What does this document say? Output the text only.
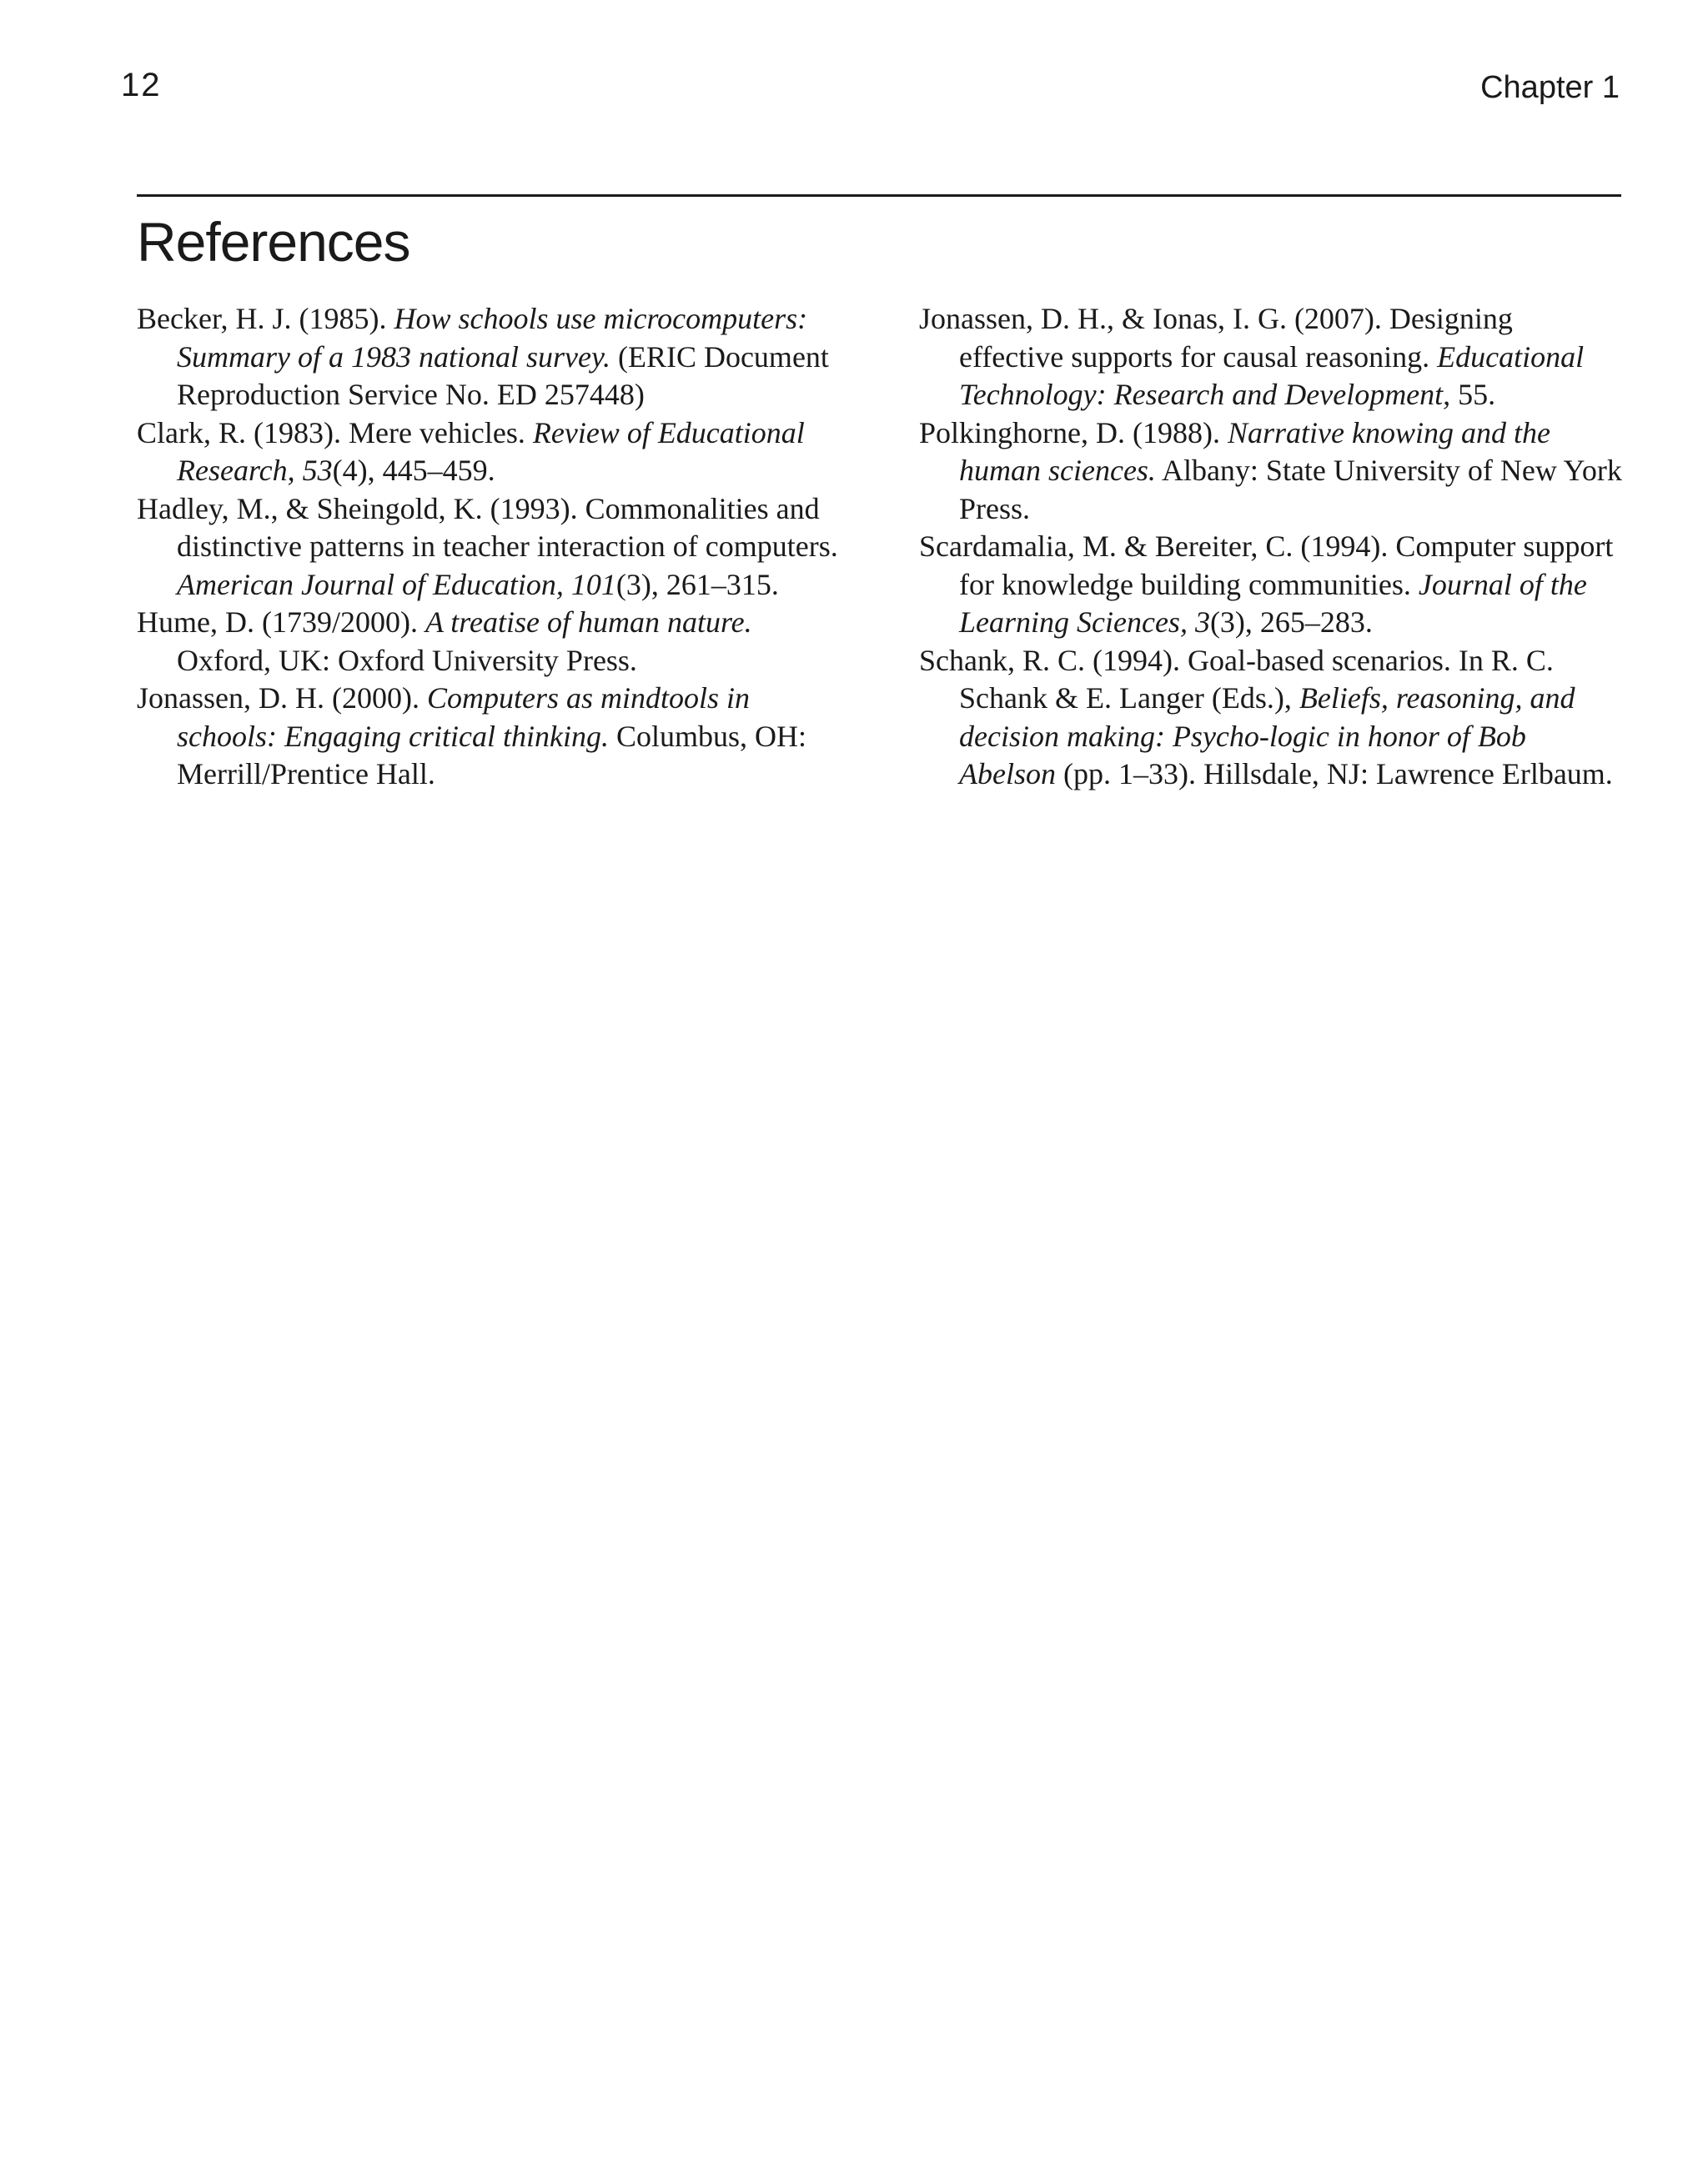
12	Chapter 1
References

Becker, H. J. (1985). How schools use microcomputers: Summary of a 1983 national survey. (ERIC Document Reproduction Service No. ED 257448)

Clark, R. (1983). Mere vehicles. Review of Educational Research, 53(4), 445–459.

Hadley, M., & Sheingold, K. (1993). Commonalities and distinctive patterns in teacher interaction of computers. American Journal of Education, 101(3), 261–315.

Hume, D. (1739/2000). A treatise of human nature. Oxford, UK: Oxford University Press.

Jonassen, D. H. (2000). Computers as mindtools in schools: Engaging critical thinking. Columbus, OH: Merrill/Prentice Hall.

Jonassen, D. H., & Ionas, I. G. (2007). Designing effective supports for causal reasoning. Educational Technology: Research and Development, 55.

Polkinghorne, D. (1988). Narrative knowing and the human sciences. Albany: State University of New York Press.

Scardamalia, M. & Bereiter, C. (1994). Computer support for knowledge building communities. Journal of the Learning Sciences, 3(3), 265–283.

Schank, R. C. (1994). Goal-based scenarios. In R. C. Schank & E. Langer (Eds.), Beliefs, reasoning, and decision making: Psycho-logic in honor of Bob Abelson (pp. 1–33). Hillsdale, NJ: Lawrence Erlbaum.
